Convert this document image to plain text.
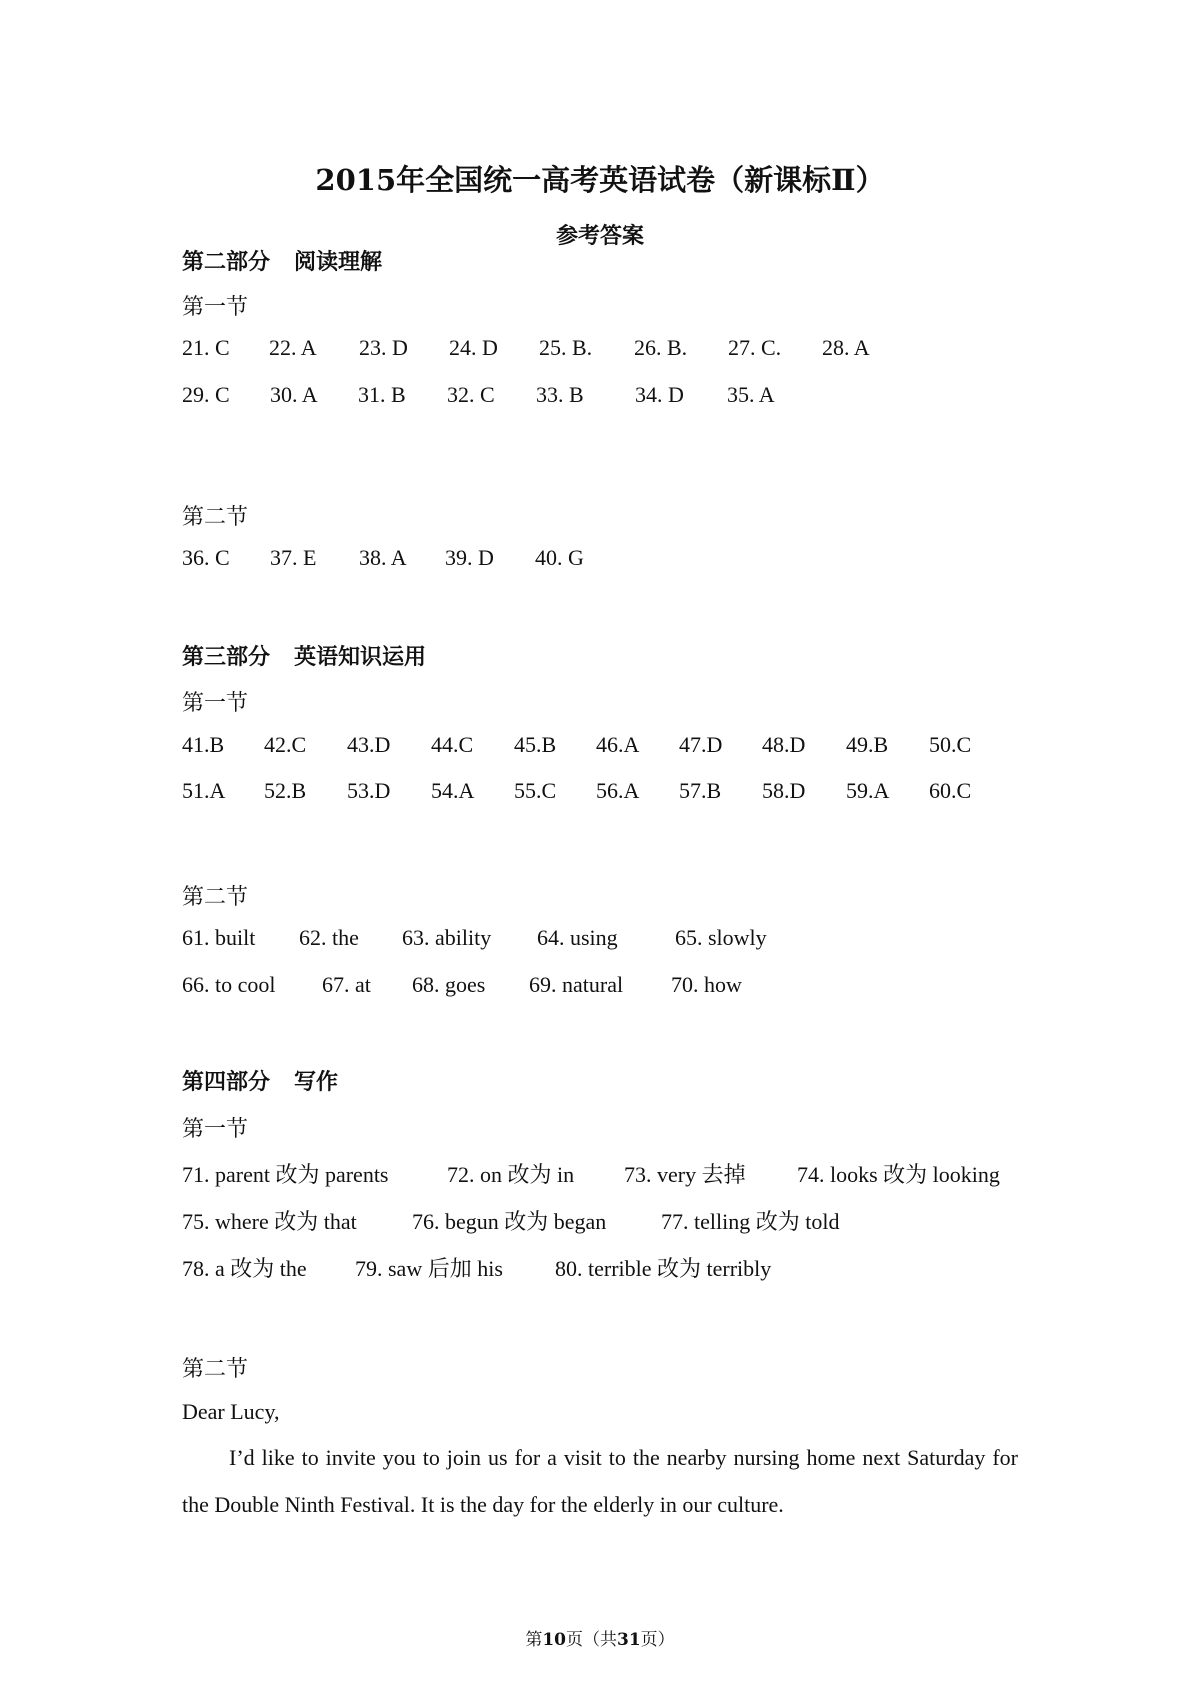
2015年全国统一高考英语试卷（新课标Ⅱ）
参考答案
第二部分 阅读理解
第一节
21. C 22. A 23. D 24. D 25. B. 26. B. 27. C. 28. A
29. C 30. A 31. B 32. C 33. B 34. D 35. A
第二节
36. C 37. E 38. A 39. D 40. G
第三部分 英语知识运用
第一节
41.B 42.C 43.D 44.C 45.B 46.A 47.D 48.D 49.B 50.C
51.A 52.B 53.D 54.A 55.C 56.A 57.B 58.D 59.A 60.C
第二节
61. built 62. the 63. ability 64. using	65. slowly
66. to cool 67. at 68. goes 69. natural 70. how
第四部分 写作
第一节
71. parent 改为 parents	72. on 改为 in 73. very 去掉 74. looks 改为 looking
75. where 改为 that	76. begun 改为 began 77. telling 改为 told
78. a 改为 the 79. saw 后加 his 80. terrible 改为 terribly
第二节
Dear Lucy,
I’d like to invite you to join us for a visit to the nearby nursing home next Saturday for the Double Ninth Festival. It is the day for the elderly in our culture.
第10页（共31页）
